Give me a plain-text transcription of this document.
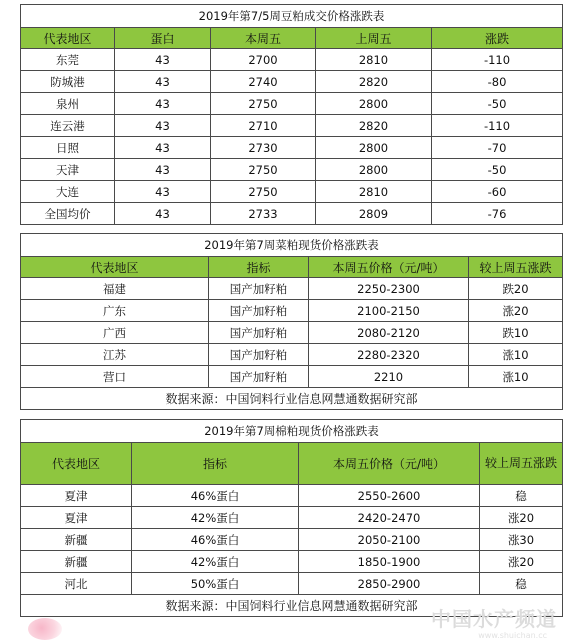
2019年第7/5周豆粕成交价格涨跌表				
代表地区	蛋白	本周五	上周五	涨跌
东莞	43	2700	2810	-110
防城港	43	2740	2820	-80
泉州	43	2750	2800	-50
连云港	43	2710	2820	-110
日照	43	2730	2800	-70
天津	43	2750	2800	-50
大连	43	2750	2810	-60
全国均价	43	2733	2809	-76
2019年第7周菜粕现货价格涨跌表			
代表地区	指标	本周五价格（元/吨）	较上周五涨跌
福建	国产加籽粕	2250-2300	跌20
广东	国产加籽粕	2100-2150	涨20
广西	国产加籽粕	2080-2120	跌10
江苏	国产加籽粕	2280-2320	涨10
营口	国产加籽粕	2210	涨10
数据来源：中国饲料行业信息网慧通数据研究部			
2019年第7周棉粕现货价格涨跌表			
代表地区	指标	本周五价格（元/吨）	较上周五涨跌
夏津	46%蛋白	2550-2600	稳
夏津	42%蛋白	2420-2470	涨20
新疆	46%蛋白	2050-2100	涨30
新疆	42%蛋白	1850-1900	涨20
河北	50%蛋白	2850-2900	稳
数据来源：中国饲料行业信息网慧通数据研究部			
中国水产频道
www.shuichan.cc
